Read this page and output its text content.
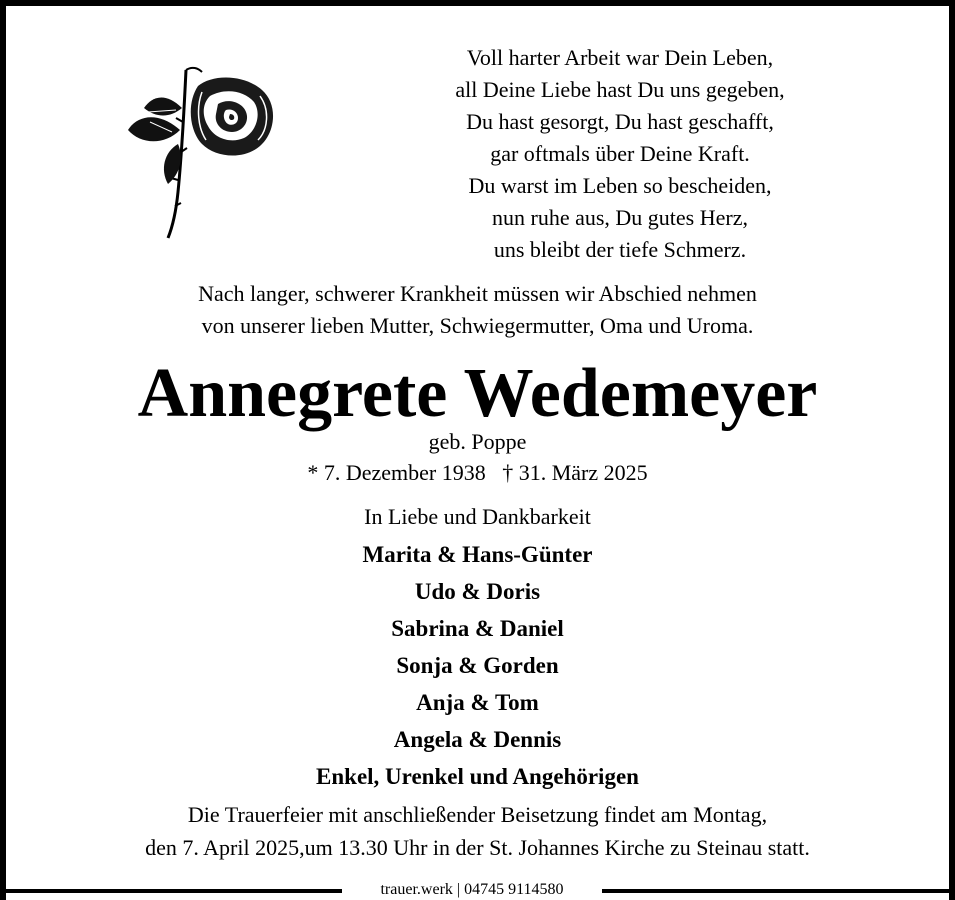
Voll harter Arbeit war Dein Leben,
all Deine Liebe hast Du uns gegeben,
Du hast gesorgt, Du hast geschafft,
gar oftmals über Deine Kraft.
Du warst im Leben so bescheiden,
nun ruhe aus, Du gutes Herz,
uns bleibt der tiefe Schmerz.
Nach langer, schwerer Krankheit müssen wir Abschied nehmen
von unserer lieben Mutter, Schwiegermutter, Oma und Uroma.
Annegrete Wedemeyer
geb. Poppe
* 7. Dezember 1938   † 31. März 2025
In Liebe und Dankbarkeit
Marita & Hans-Günter
Udo & Doris
Sabrina & Daniel
Sonja & Gorden
Anja & Tom
Angela & Dennis
Enkel, Urenkel und Angehörigen
Die Trauerfeier mit anschließender Beisetzung findet am Montag,
den 7. April 2025,um 13.30 Uhr in der St. Johannes Kirche zu Steinau statt.
trauer.werk | 04745 9114580
